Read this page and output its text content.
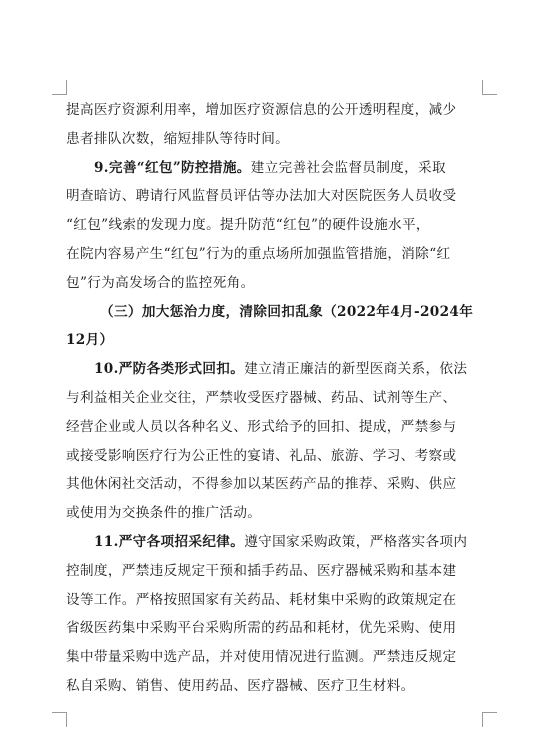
提高医疗资源利用率，增加医疗资源信息的公开透明程度，减少
患者排队次数，缩短排队等待时间。
9.完善“红包”防控措施。建立完善社会监督员制度，采取
明查暗访、聘请行风监督员评估等办法加大对医院医务人员收受
“红包”线索的发现力度。提升防范“红包”的硬件设施水平，
在院内容易产生“红包”行为的重点场所加强监管措施，消除“红
包”行为高发场合的监控死角。
（三）加大惩治力度，清除回扣乱象（2022年4月-2024年
12月）
10.严防各类形式回扣。建立清正廉洁的新型医商关系，依法
与利益相关企业交往，严禁收受医疗器械、药品、试剂等生产、
经营企业或人员以各种名义、形式给予的回扣、提成，严禁参与
或接受影响医疗行为公正性的宴请、礼品、旅游、学习、考察或
其他休闲社交活动，不得参加以某医药产品的推荐、采购、供应
或使用为交换条件的推广活动。
11.严守各项招采纪律。遵守国家采购政策，严格落实各项内
控制度，严禁违反规定干预和插手药品、医疗器械采购和基本建
设等工作。严格按照国家有关药品、耗材集中采购的政策规定在
省级医药集中采购平台采购所需的药品和耗材，优先采购、使用
集中带量采购中选产品，并对使用情况进行监测。严禁违反规定
私自采购、销售、使用药品、医疗器械、医疗卫生材料。
